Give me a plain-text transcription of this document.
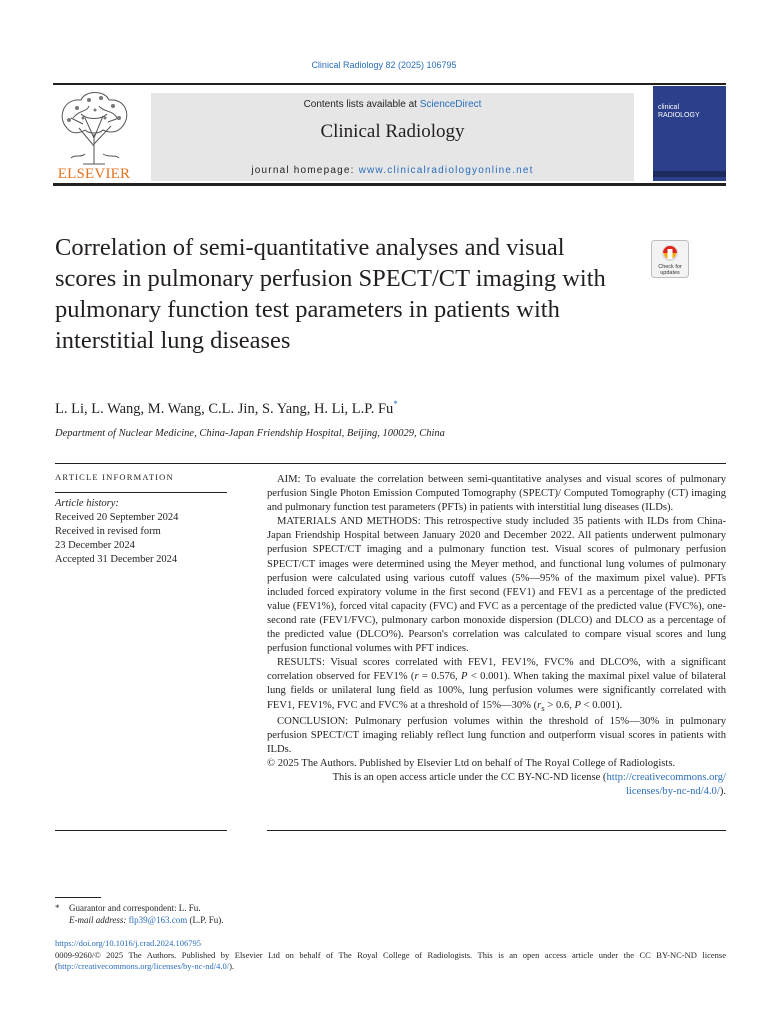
Clinical Radiology 82 (2025) 106795
ELSEVIER
Contents lists available at ScienceDirect
Clinical Radiology
journal homepage: www.clinicalradiologyonline.net
clinical
RADIOLOGY
Correlation of semi-quantitative analyses and visual scores in pulmonary perfusion SPECT/CT imaging with pulmonary function test parameters in patients with interstitial lung diseases
Check for
updates
L. Li, L. Wang, M. Wang, C.L. Jin, S. Yang, H. Li, L.P. Fu*
Department of Nuclear Medicine, China-Japan Friendship Hospital, Beijing, 100029, China
ARTICLE INFORMATION
Article history:
Received 20 September 2024
Received in revised form
23 December 2024
Accepted 31 December 2024

AIM: To evaluate the correlation between semi-quantitative analyses and visual scores of pulmonary perfusion Single Photon Emission Computed Tomography (SPECT)/ Computed Tomography (CT) imaging and pulmonary function test parameters (PFTs) in patients with interstitial lung diseases (ILDs).

MATERIALS AND METHODS: This retrospective study included 35 patients with ILDs from China-Japan Friendship Hospital between January 2020 and December 2022. All patients underwent pulmonary perfusion SPECT/CT imaging and a pulmonary function test. Visual scores of pulmonary perfusion SPECT/CT images were determined using the Meyer method, and functional lung volumes of pulmonary perfusion were calculated using various cutoff values (5%—95% of the maximum pixel value). PFTs included forced expiratory volume in the first second (FEV1) and FEV1 as a percentage of the predicted value (FEV1%), forced vital capacity (FVC) and FVC as a percentage of the predicted value (FVC%), one-second rate (FEV1/FVC), pulmonary carbon monoxide dispersion (DLCO) and DLCO as a percentage of the predicted value (DLCO%). Pearson's correlation was calculated to compare visual scores and lung perfusion functional volumes with PFT indices.

RESULTS: Visual scores correlated with FEV1, FEV1%, FVC% and DLCO%, with a significant correlation observed for FEV1% (r = 0.576, P < 0.001). When taking the maximal pixel value of bilateral lung fields or unilateral lung field as 100%, lung perfusion volumes were significantly correlated with FEV1, FEV1%, FVC and FVC% at a threshold of 15%—30% ($r_s > 0.6$, P < 0.001).

CONCLUSION: Pulmonary perfusion volumes within the threshold of 15%—30% in pulmonary perfusion SPECT/CT imaging reliably reflect lung function and outperform visual scores in patients with ILDs.

© 2025 The Authors. Published by Elsevier Ltd on behalf of The Royal College of Radiologists.

This is an open access article under the CC BY-NC-ND license (http://creativecommons.org/
licenses/by-nc-nd/4.0/).

* Guarantor and correspondent: L. Fu.
E-mail address: flp39@163.com (L.P. Fu).
https://doi.org/10.1016/j.crad.2024.106795
0009-9260/© 2025 The Authors. Published by Elsevier Ltd on behalf of The Royal College of Radiologists. This is an open access article under the CC BY-NC-ND license (http://creativecommons.org/licenses/by-nc-nd/4.0/).
